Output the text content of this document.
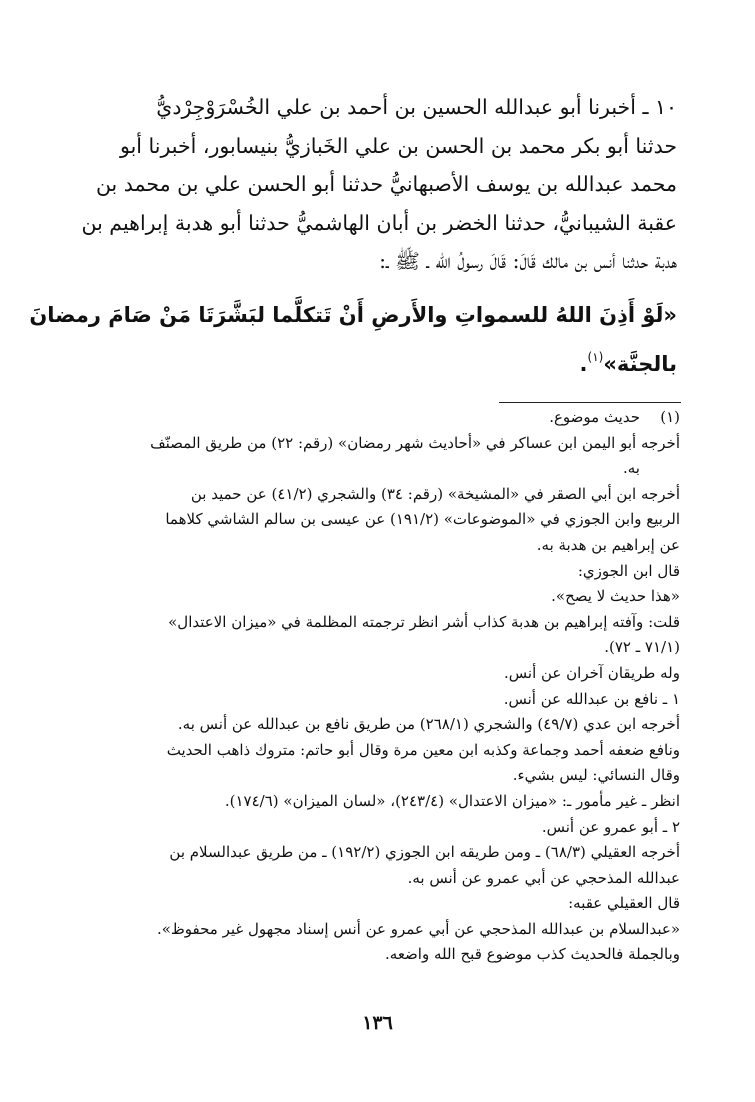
١٠ ـ أخبرنا أبو عبدالله الحسين بن أحمد بن علي الخُسْرَوْجِرْديُّ
حدثنا أبو بكر محمد بن الحسن بن علي الخَبازيُّ بنيسابور، أخبرنا أبو
محمد عبدالله بن يوسف الأصبهانيُّ حدثنا أبو الحسن علي بن محمد بن
عقبة الشيبانيُّ، حدثنا الخضر بن أبان الهاشميُّ حدثنا أبو هدبة إبراهيم بن
هدبة حدثنا أنس بن مالك قَالَ: قَالَ رسولُ الله ـ ﷺ ـ:
«لَوْ أَذِنَ اللهُ للسمواتِ والأَرضِ أَنْ تَتكلَّما لبَشَّرَتَا مَنْ صَامَ رمضانَ
بالجنَّة»$^{(١)}$.
(١)حديث موضوع.
أخرجه أبو اليمن ابن عساكر في «أحاديث شهر رمضان» (رقم: ٢٢) من طريق المصنّف
به.
أخرجه ابن أبي الصقر في «المشيخة» (رقم: ٣٤) والشجري (٤١/٢) عن حميد بن
الربيع وابن الجوزي في «الموضوعات» (١٩١/٢) عن عيسى بن سالم الشاشي كلاهما
عن إبراهيم بن هدبة به.
قال ابن الجوزي:
«هذا حديث لا يصح».
قلت: وآفته إبراهيم بن هدبة كذاب أشر انظر ترجمته المظلمة في «ميزان الاعتدال»
(٧١/١ ـ ٧٢).
وله طريقان آخران عن أنس.
١ ـ نافع بن عبدالله عن أنس.
أخرجه ابن عدي (٤٩/٧) والشجري (٢٦٨/١) من طريق نافع بن عبدالله عن أنس به.
ونافع ضعفه أحمد وجماعة وكذبه ابن معين مرة وقال أبو حاتم: متروك ذاهب الحديث
وقال النسائي: ليس بشيء.
انظر ـ غير مأمور ـ: «ميزان الاعتدال» (٢٤٣/٤)، «لسان الميزان» (١٧٤/٦).
٢ ـ أبو عمرو عن أنس.
أخرجه العقيلي (٦٨/٣) ـ ومن طريقه ابن الجوزي (١٩٢/٢) ـ من طريق عبدالسلام بن
عبدالله المذحجي عن أبي عمرو عن أنس به.
قال العقيلي عقبه:
«عبدالسلام بن عبدالله المذحجي عن أبي عمرو عن أنس إسناد مجهول غير محفوظ».
وبالجملة فالحديث كذب موضوع قبح الله واضعه.
١٣٦
